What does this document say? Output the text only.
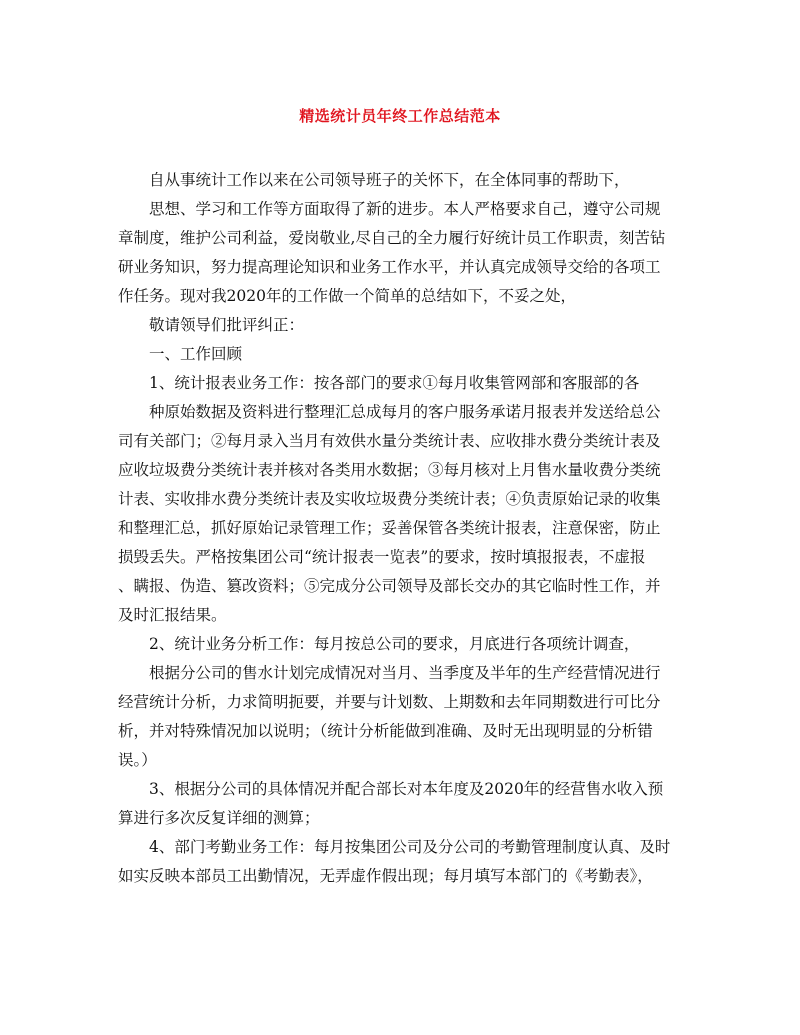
精选统计员年终工作总结范本
自从事统计工作以来在公司领导班子的关怀下，在全体同事的帮助下，
思想、学习和工作等方面取得了新的进步。本人严格要求自己，遵守公司规
章制度，维护公司利益，爱岗敬业,尽自己的全力履行好统计员工作职责，刻苦钻
研业务知识，努力提高理论知识和业务工作水平，并认真完成领导交给的各项工
作任务。现对我2020年的工作做一个简单的总结如下，不妥之处，
敬请领导们批评纠正：
一、工作回顾
1、统计报表业务工作：按各部门的要求①每月收集管网部和客服部的各
种原始数据及资料进行整理汇总成每月的客户服务承诺月报表并发送给总公
司有关部门；②每月录入当月有效供水量分类统计表、应收排水费分类统计表及
应收垃圾费分类统计表并核对各类用水数据；③每月核对上月售水量收费分类统
计表、实收排水费分类统计表及实收垃圾费分类统计表；④负责原始记录的收集
和整理汇总，抓好原始记录管理工作；妥善保管各类统计报表，注意保密，防止
损毁丢失。严格按集团公司“统计报表一览表”的要求，按时填报报表，不虚报
、瞒报、伪造、篡改资料；⑤完成分公司领导及部长交办的其它临时性工作，并
及时汇报结果。
2、统计业务分析工作：每月按总公司的要求，月底进行各项统计调查，
根据分公司的售水计划完成情况对当月、当季度及半年的生产经营情况进行
经营统计分析，力求简明扼要，并要与计划数、上期数和去年同期数进行可比分
析，并对特殊情况加以说明；（统计分析能做到准确、及时无出现明显的分析错
误。）
3、根据分公司的具体情况并配合部长对本年度及2020年的经营售水收入预
算进行多次反复详细的测算；
4、部门考勤业务工作：每月按集团公司及分公司的考勤管理制度认真、及时
如实反映本部员工出勤情况，无弄虚作假出现；每月填写本部门的《考勤表》，
